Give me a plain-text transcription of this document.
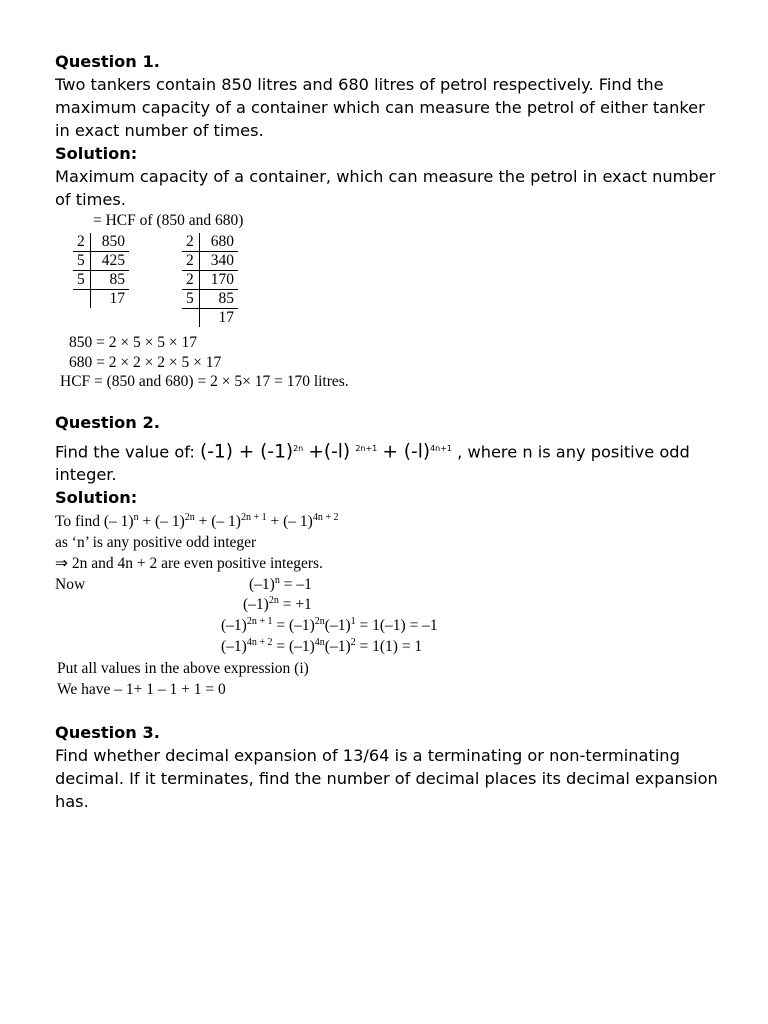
Question 1.

Two tankers contain 850 litres and 680 litres of petrol respectively. Find the maximum capacity of a container which can measure the petrol of either tanker in exact number of times.

Solution:

Maximum capacity of a container, which can measure the petrol in exact number of times.

= HCF of (850 and 680)
2	850
5	425
5	85
	17
2	680
2	340
2	170
5	85
	17
850 = 2 × 5 × 5 × 17
680 = 2 × 2 × 2 × 5 × 17
HCF = (850 and 680) = 2 × 5× 17 = 170 litres.

Question 2.

Find the value of: $(-1) + (-1)^{2n} +(-l) ^{2n+1} + (-l)^{4n+1}$ , where n is any positive odd

integer.

Solution:

To find (– 1)$^n$ + (– 1)$^{2n}$ + (– 1)$^{2n + 1}$ + (– 1)$^{4n + 2}$
as ‘n’ is any positive odd integer
⇒ 2n and 4n + 2 are even positive integers.
Now	$(-1)^n = -1$
$(-1)^{2n} = +1$
$(-1)^{2n + 1} = (-1)^{2n}(-1)^1 = 1(-1) = -1$
$(-1)^{4n + 2} = (-1)^{4n}(-1)^2 = 1(1) = 1$
Put all values in the above expression (i)
We have – 1+ 1 – 1 + 1 = 0

Question 3.

Find whether decimal expansion of 13/64 is a terminating or non-terminating decimal. If it terminates, find the number of decimal places its decimal expansion has.
